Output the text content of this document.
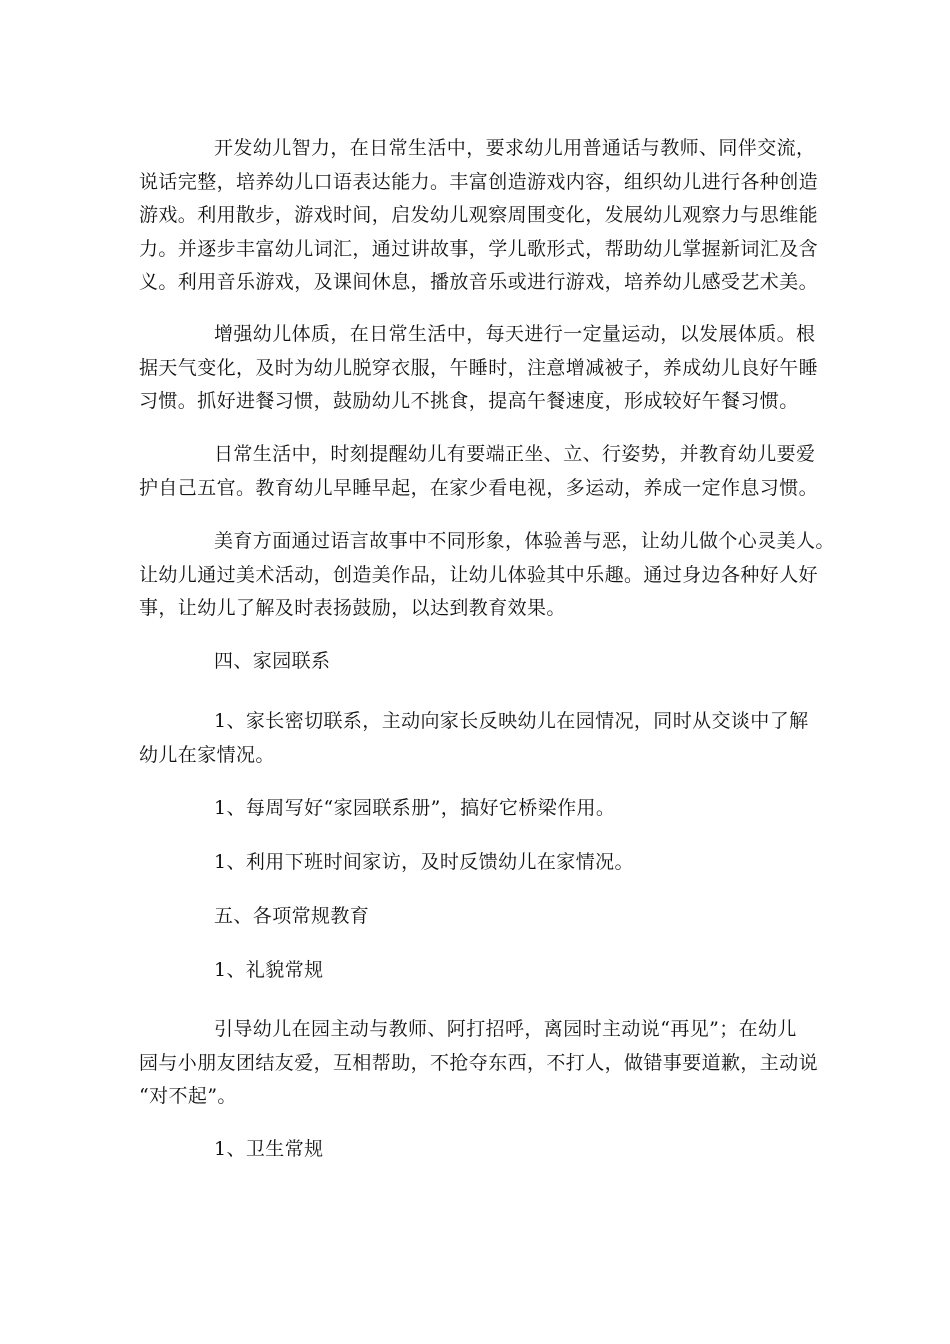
开发幼儿智力，在日常生活中，要求幼儿用普通话与教师、同伴交流，
说话完整，培养幼儿口语表达能力。丰富创造游戏内容，组织幼儿进行各种创造
游戏。利用散步，游戏时间，启发幼儿观察周围变化，发展幼儿观察力与思维能
力。并逐步丰富幼儿词汇，通过讲故事，学儿歌形式，帮助幼儿掌握新词汇及含
义。利用音乐游戏，及课间休息，播放音乐或进行游戏，培养幼儿感受艺术美。
增强幼儿体质，在日常生活中，每天进行一定量运动，以发展体质。根
据天气变化，及时为幼儿脱穿衣服，午睡时，注意增减被子，养成幼儿良好午睡
习惯。抓好进餐习惯，鼓励幼儿不挑食，提高午餐速度，形成较好午餐习惯。
日常生活中，时刻提醒幼儿有要端正坐、立、行姿势，并教育幼儿要爱
护自己五官。教育幼儿早睡早起，在家少看电视，多运动，养成一定作息习惯。
美育方面通过语言故事中不同形象，体验善与恶，让幼儿做个心灵美人。
让幼儿通过美术活动，创造美作品，让幼儿体验其中乐趣。通过身边各种好人好
事，让幼儿了解及时表扬鼓励，以达到教育效果。
四、家园联系
1、家长密切联系，主动向家长反映幼儿在园情况，同时从交谈中了解
幼儿在家情况。
1、每周写好“家园联系册”，搞好它桥梁作用。
1、利用下班时间家访，及时反馈幼儿在家情况。
五、各项常规教育
1、礼貌常规
引导幼儿在园主动与教师、阿打招呼，离园时主动说“再见”；在幼儿
园与小朋友团结友爱，互相帮助，不抢夺东西，不打人，做错事要道歉，主动说
“对不起”。
1、卫生常规
